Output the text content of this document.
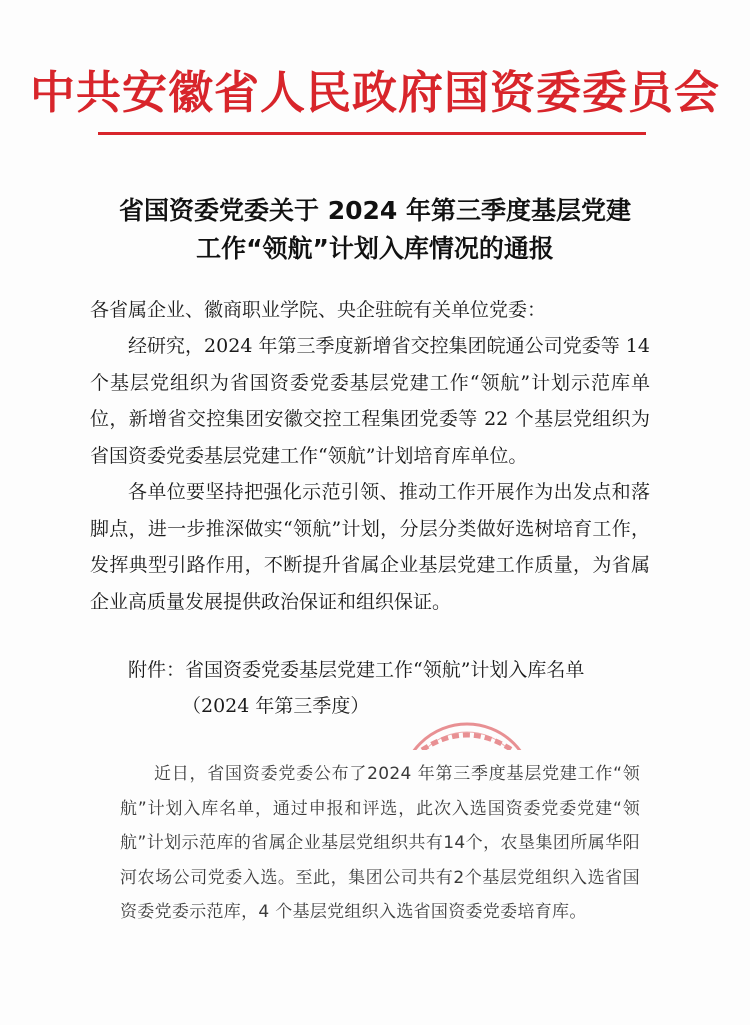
中共安徽省人民政府国资委委员会
省国资委党委关于 2024 年第三季度基层党建
工作“领航”计划入库情况的通报
各省属企业、徽商职业学院、央企驻皖有关单位党委：
经研究，2024 年第三季度新增省交控集团皖通公司党委等 14 个基层党组织为省国资委党委基层党建工作“领航”计划示范库单位，新增省交控集团安徽交控工程集团党委等 22 个基层党组织为省国资委党委基层党建工作“领航”计划培育库单位。
各单位要坚持把强化示范引领、推动工作开展作为出发点和落脚点，进一步推深做实“领航”计划，分层分类做好选树培育工作，发挥典型引路作用，不断提升省属企业基层党建工作质量，为省属企业高质量发展提供政治保证和组织保证。
附件：省国资委党委基层党建工作“领航”计划入库名单
（2024 年第三季度）
近日，省国资委党委公布了2024 年第三季度基层党建工作“领航”计划入库名单，通过申报和评选，此次入选国资委党委党建“领航”计划示范库的省属企业基层党组织共有14个，农垦集团所属华阳河农场公司党委入选。至此，集团公司共有2个基层党组织入选省国资委党委示范库，4 个基层党组织入选省国资委党委培育库。
